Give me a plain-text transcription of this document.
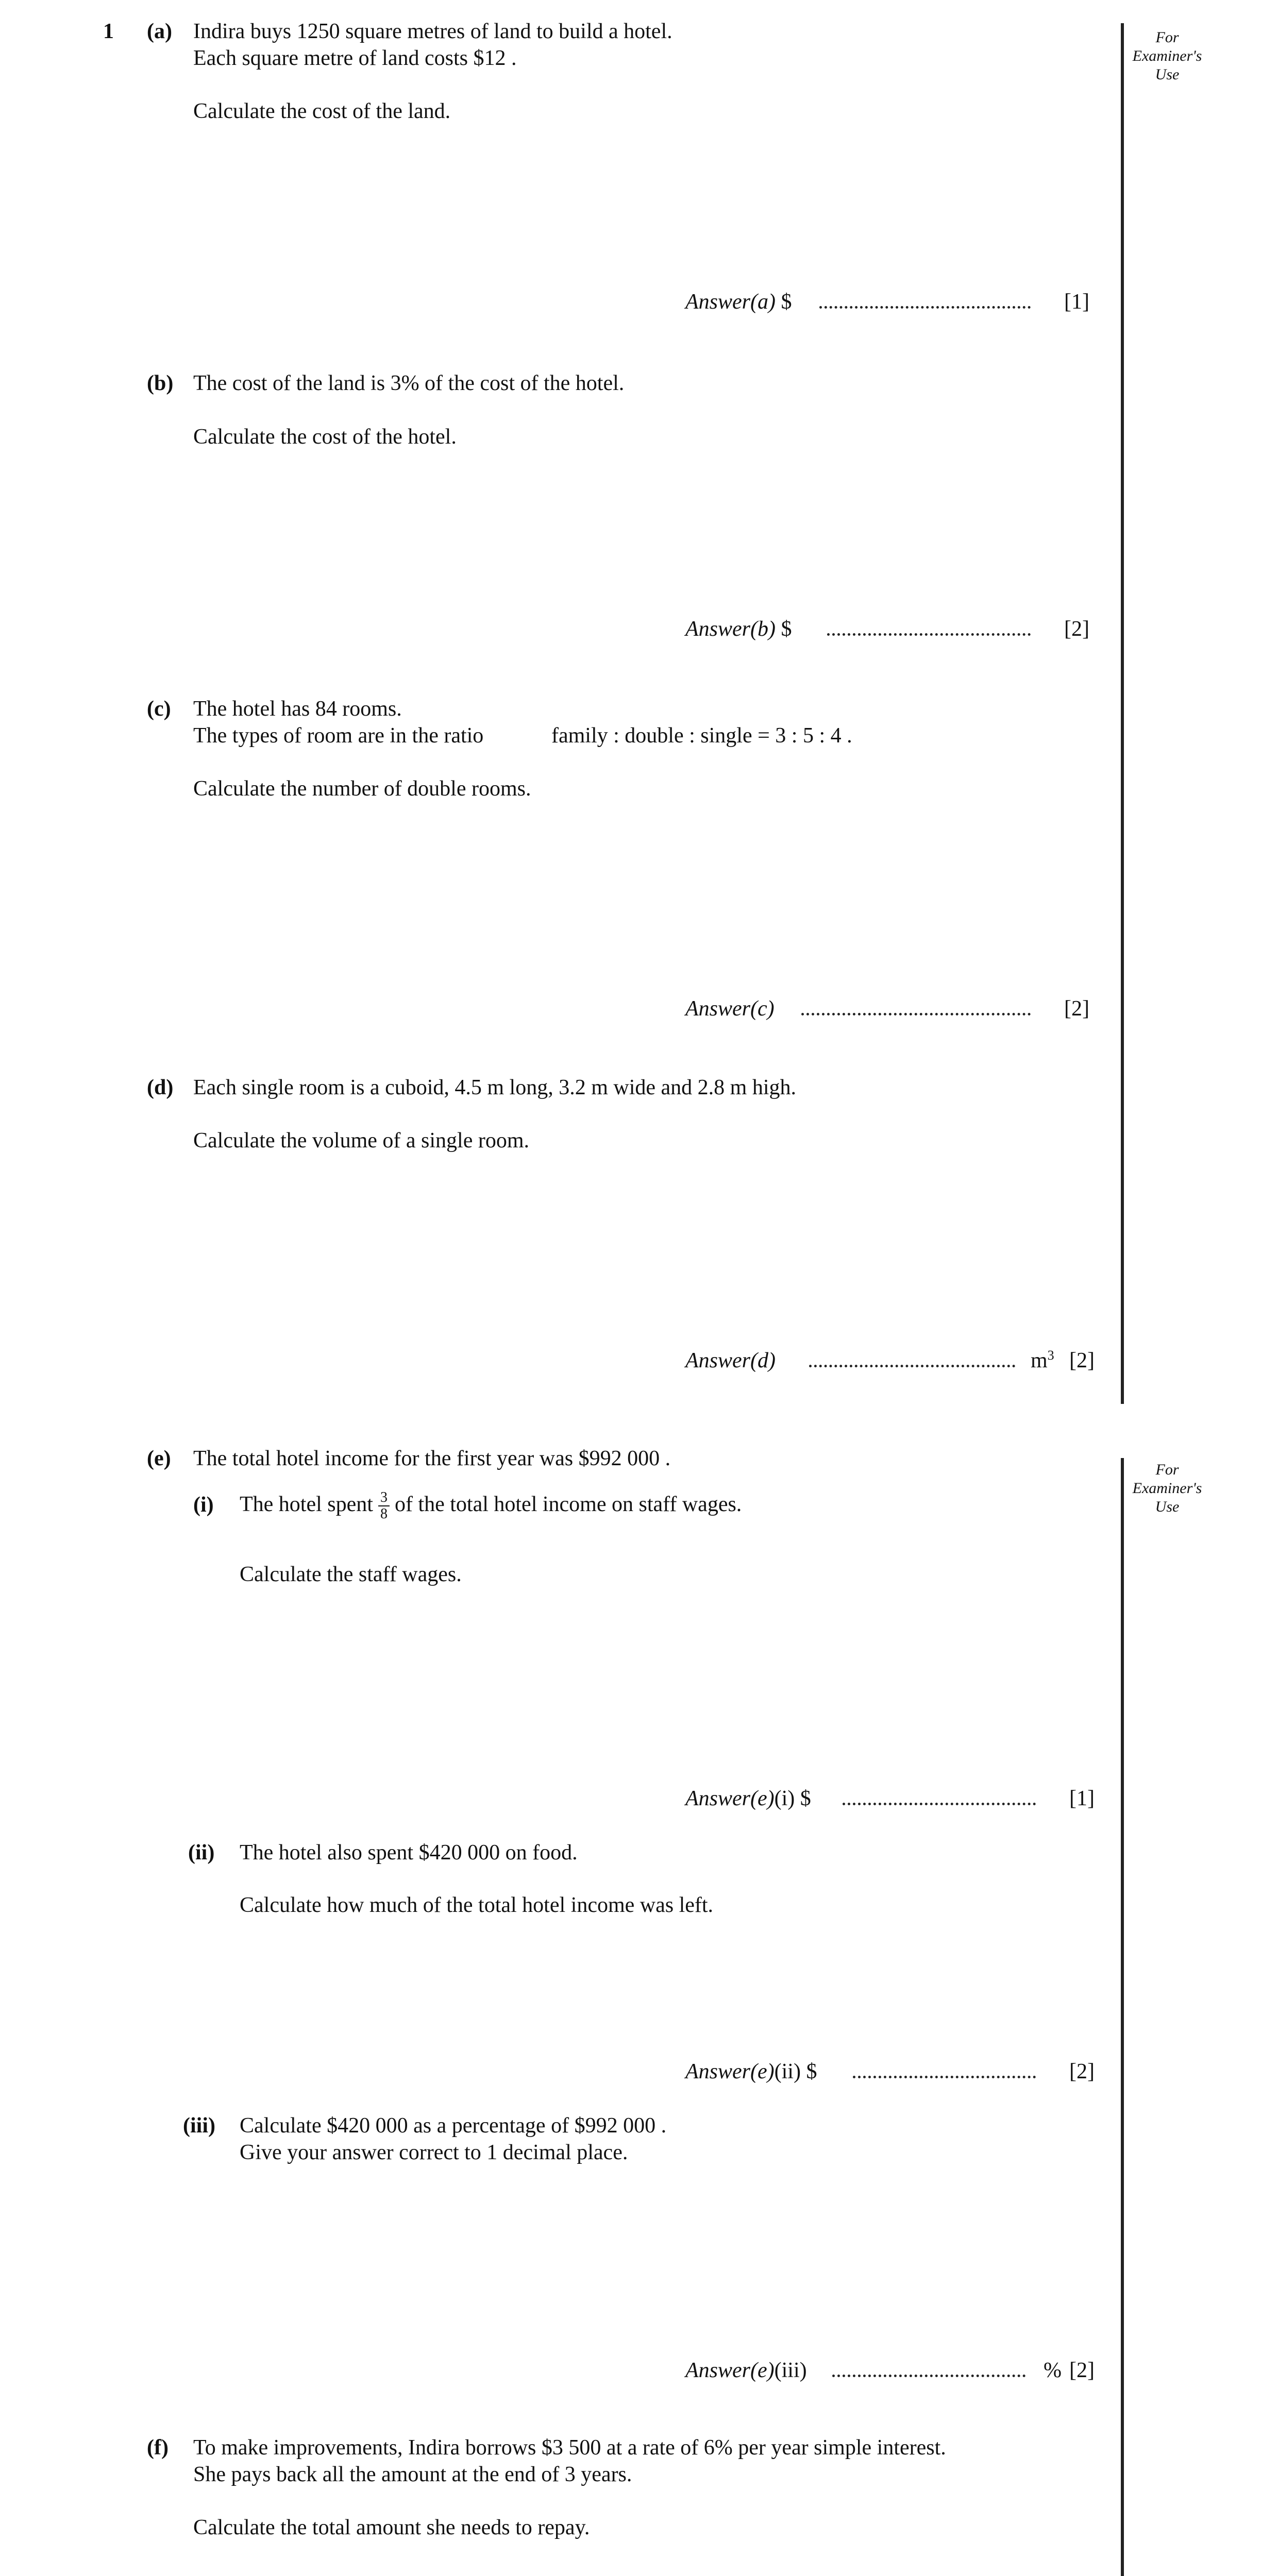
For Examiner's Use
For Examiner's Use
1 (a) Indira buys 1250 square metres of land to build a hotel.
Each square metre of land costs $12 .
Calculate the cost of the land.
Answer(a) $	[1]
(b) The cost of the land is 3% of the cost of the hotel.
Calculate the cost of the hotel.
Answer(b) $	[2]
(c) The hotel has 84 rooms.
The types of room are in the ratio	family : double : single = 3 : 5 : 4 .
Calculate the number of double rooms.
Answer(c)	[2]
(d) Each single room is a cuboid, 4.5 m long, 3.2 m wide and 2.8 m high.
Calculate the volume of a single room.
Answer(d)	$m^3$ [2]
(e) The total hotel income for the first year was $992 000 .
(i) The hotel spent $\frac{3}{8}$ of the total hotel income on staff wages.
Calculate the staff wages.
Answer(e)(i) $	[1]
(ii) The hotel also spent $420 000 on food.
Calculate how much of the total hotel income was left.
Answer(e)(ii) $	[2]
(iii) Calculate $420 000 as a percentage of $992 000 .
Give your answer correct to 1 decimal place.
Answer(e)(iii)	% [2]
(f) To make improvements, Indira borrows $3 500 at a rate of 6% per year simple interest.
She pays back all the amount at the end of 3 years.
Calculate the total amount she needs to repay.
